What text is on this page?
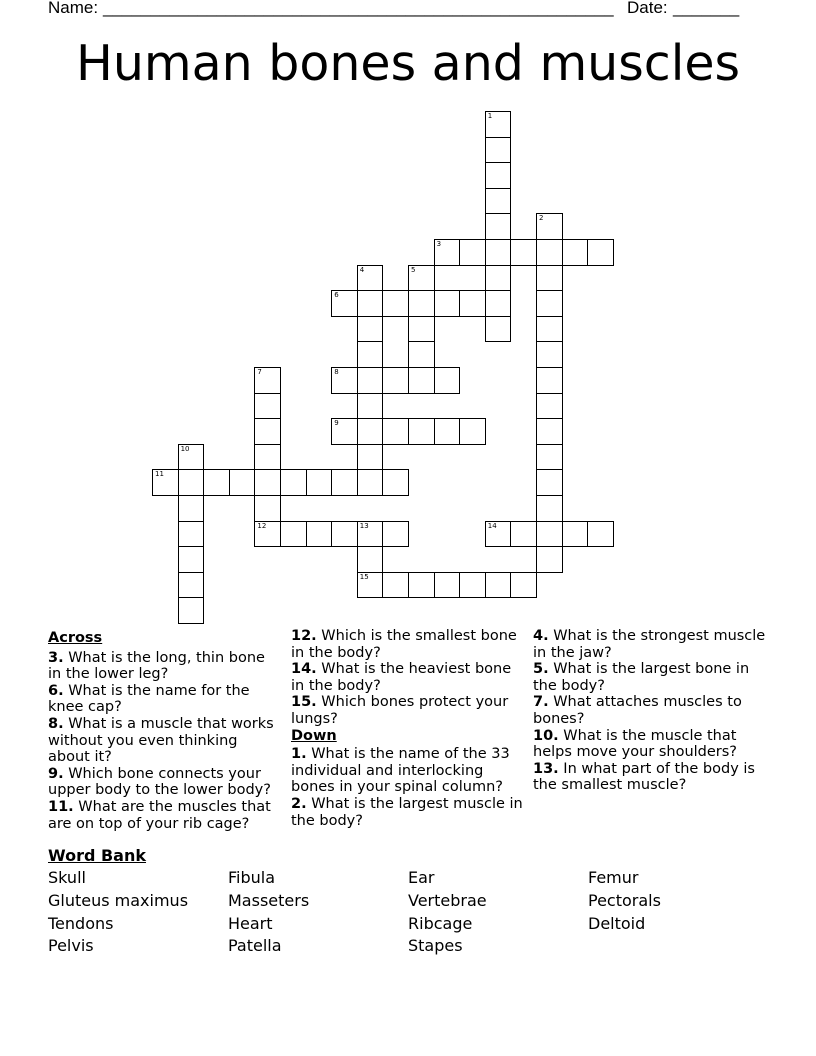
Name: ______________________________________________________ Date: _______
Human bones and muscles
1
2
3
4	5
6
7
12
8
9
10
11
13
15
14
Across
3. What is the long, thin bone in the lower leg?
6. What is the name for the knee cap?
8. What is a muscle that works without you even thinking about it?
9. Which bone connects your upper body to the lower body?
11. What are the muscles that are on top of your rib cage?
12. Which is the smallest bone in the body?
14. What is the heaviest bone in the body?
15. Which bones protect your lungs?
Down
1. What is the name of the 33 individual and interlocking bones in your spinal column?
2. What is the largest muscle in the body?
4. What is the strongest muscle in the jaw?
5. What is the largest bone in the body?
7. What attaches muscles to bones?
10. What is the muscle that helps move your shoulders?
13. In what part of the body is the smallest muscle?
Word Bank
Skull
Gluteus maximus
Tendons
Pelvis
Fibula
Masseters
Heart
Patella
Ear
Vertebrae
Ribcage
Stapes
Femur
Pectorals
Deltoid
